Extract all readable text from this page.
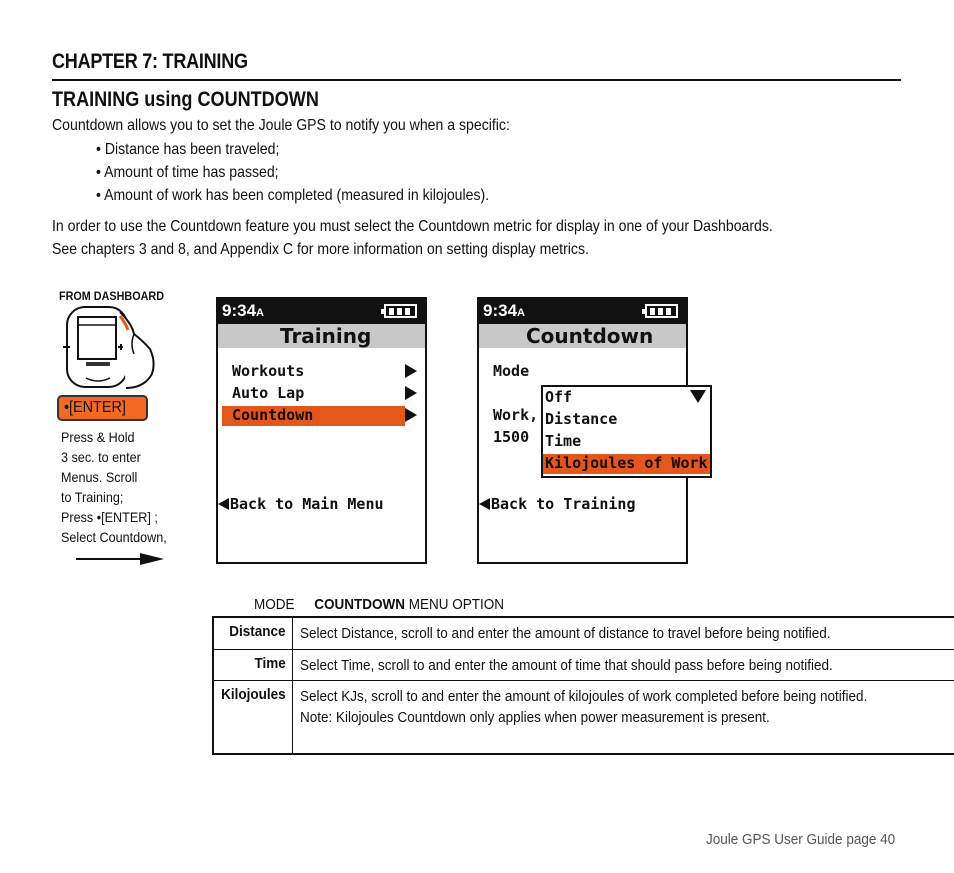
CHAPTER 7: TRAINING
TRAINING using COUNTDOWN
Countdown allows you to set the Joule GPS to notify you when a specific:
• Distance has been traveled;
• Amount of time has passed;
• Amount of work has been completed (measured in kilojoules).
In order to use the Countdown feature you must select the Countdown metric for display in one of your Dashboards.
See chapters 3 and 8, and Appendix C for more information on setting display metrics.
FROM DASHBOARD
•[ENTER]
Press & Hold
3 sec. to enter
Menus. Scroll
to Training;
Press •[ENTER] ;
Select Countdown,
9:34A
Training
Workouts
Auto Lap
Countdown
Back to Main Menu
9:34A
Countdown
Mode
Work,
1500
Off
Distance
Time
Kilojoules of Work
Back to Training
MODE COUNTDOWN MENU OPTION
Distance	Select Distance, scroll to and enter the amount of distance to travel before being notified.
Time	Select Time, scroll to and enter the amount of time that should pass before being notified.
Kilojoules	Select KJs, scroll to and enter the amount of kilojoules of work completed before being notified. Note: Kilojoules Countdown only applies when power measurement is present.
Joule GPS User Guide page 40
